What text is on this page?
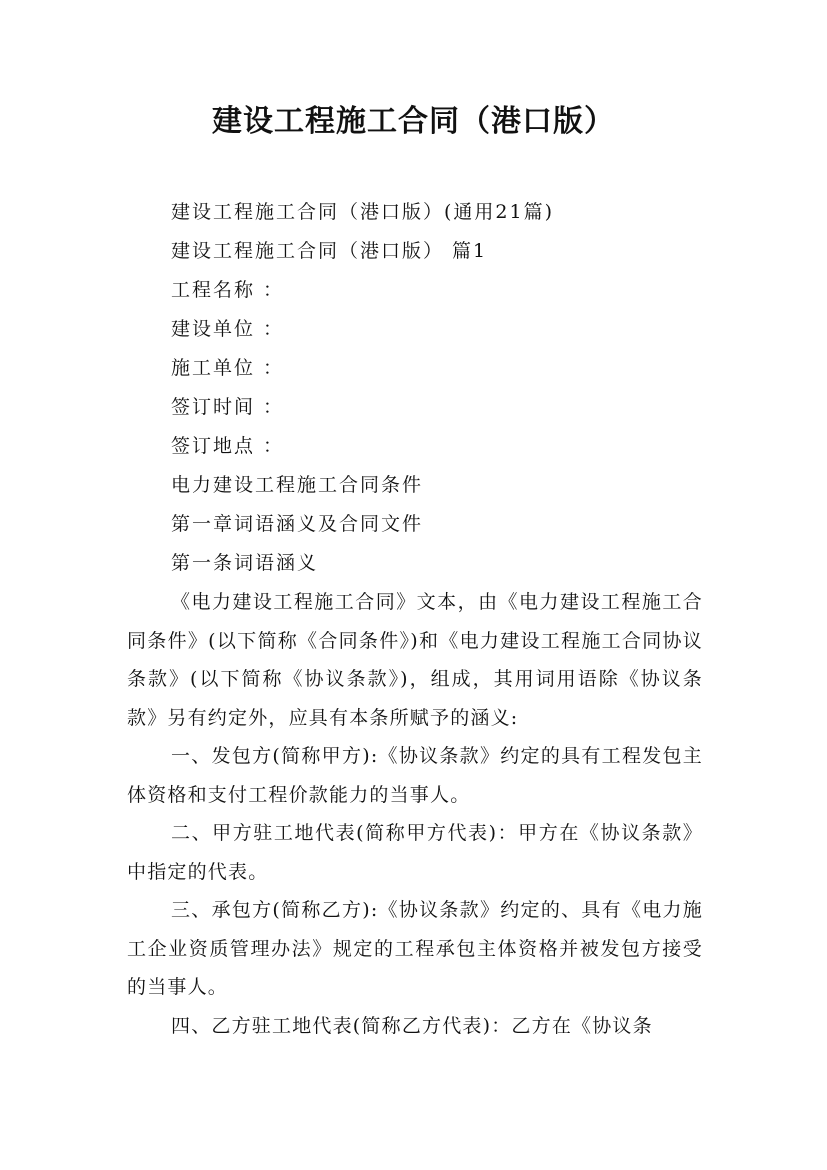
建设工程施工合同（港口版）
建设工程施工合同（港口版）(通用21篇)
建设工程施工合同（港口版） 篇1
工程名称 ：
建设单位 ：
施工单位 ：
签订时间 ：
签订地点 ：
电力建设工程施工合同条件
第一章词语涵义及合同文件
第一条词语涵义

《电力建设工程施工合同》文本，由《电力建设工程施工合同条件》(以下简称《合同条件》)和《电力建设工程施工合同协议条款》(以下简称《协议条款》)，组成，其用词用语除《协议条款》另有约定外，应具有本条所赋予的涵义:

一、发包方(简称甲方):《协议条款》约定的具有工程发包主体资格和支付工程价款能力的当事人。

二、甲方驻工地代表(简称甲方代表)：甲方在《协议条款》中指定的代表。

三、承包方(简称乙方):《协议条款》约定的、具有《电力施工企业资质管理办法》规定的工程承包主体资格并被发包方接受的当事人。

四、乙方驻工地代表(简称乙方代表)：乙方在《协议条
